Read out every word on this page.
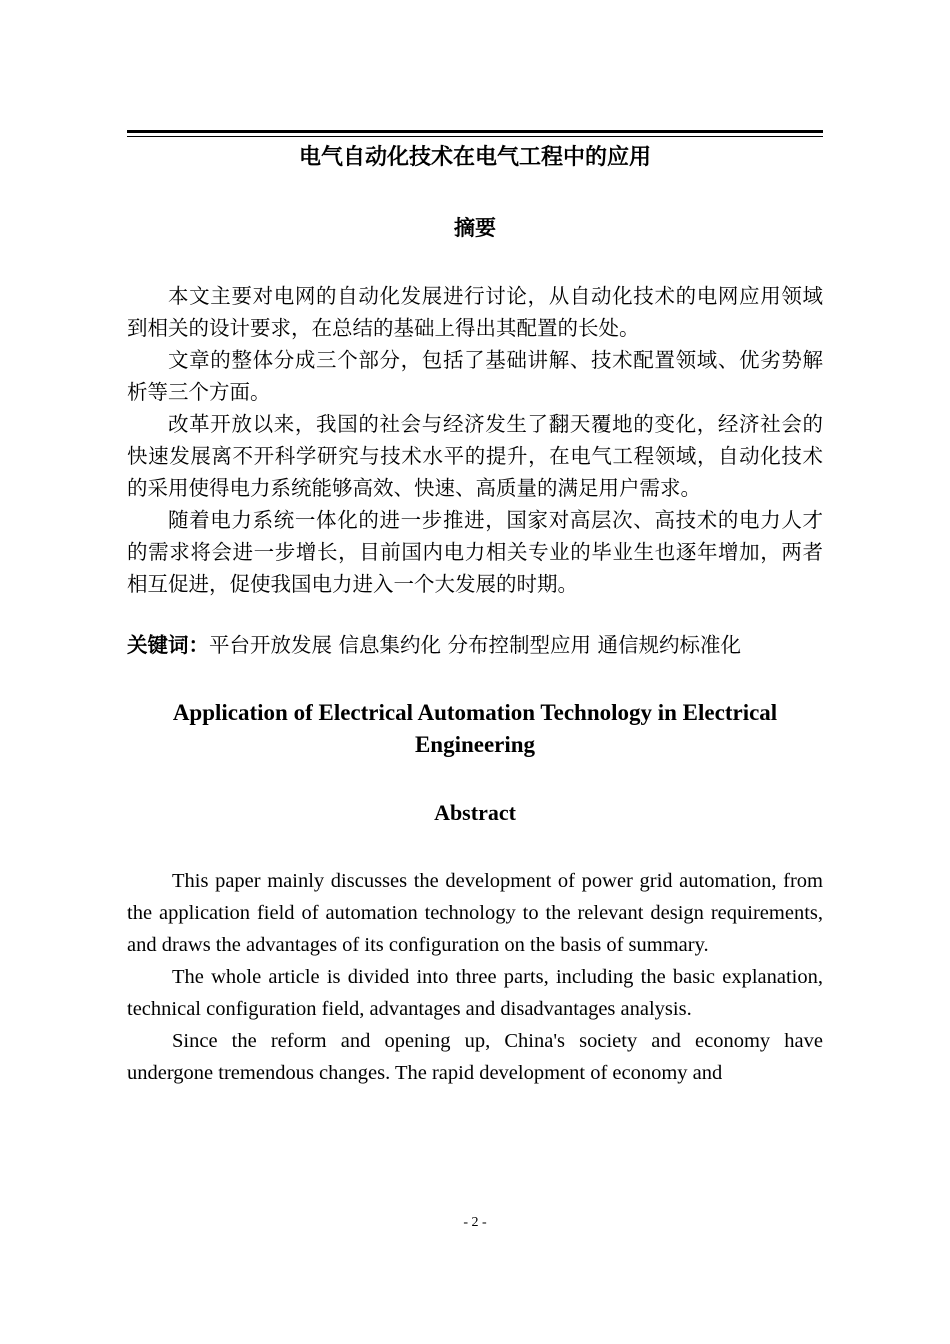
电气自动化技术在电气工程中的应用
摘要

本文主要对电网的自动化发展进行讨论，从自动化技术的电网应用领域到相关的设计要求，在总结的基础上得出其配置的长处。

文章的整体分成三个部分，包括了基础讲解、技术配置领域、优劣势解析等三个方面。

改革开放以来，我国的社会与经济发生了翻天覆地的变化，经济社会的快速发展离不开科学研究与技术水平的提升，在电气工程领域，自动化技术的采用使得电力系统能够高效、快速、高质量的满足用户需求。

随着电力系统一体化的进一步推进，国家对高层次、高技术的电力人才的需求将会进一步增长，目前国内电力相关专业的毕业生也逐年增加，两者相互促进，促使我国电力进入一个大发展的时期。

关键词：平台开放发展 信息集约化 分布控制型应用 通信规约标准化

Application of Electrical Automation Technology in Electrical Engineering
Abstract

This paper mainly discusses the development of power grid automation, from the application field of automation technology to the relevant design requirements, and draws the advantages of its configuration on the basis of summary.

The whole article is divided into three parts, including the basic explanation, technical configuration field, advantages and disadvantages analysis.

Since the reform and opening up, China's society and economy have undergone tremendous changes. The rapid development of economy and

- 2 -
